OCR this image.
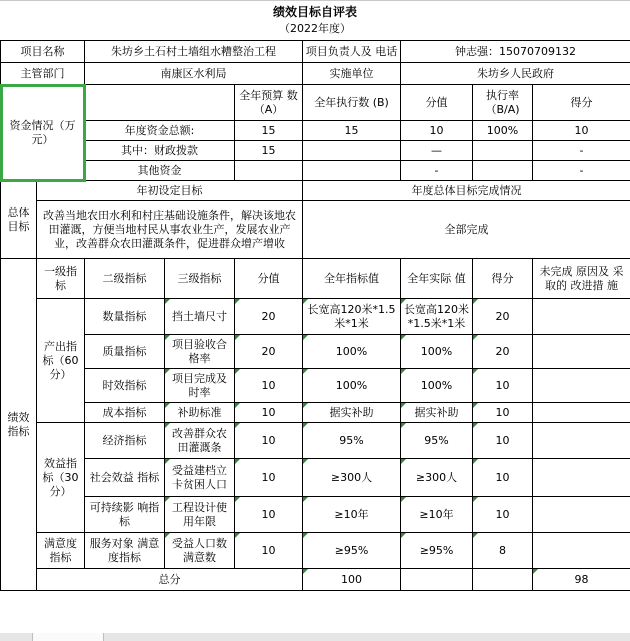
绩效目标自评表
（2022年度）
项目名称		朱坊乡土石村土墙组水糟整治工程			项目负责人及 电话	钟志强：15070709132			
主管部门		南康区水利局			实施单位	朱坊乡人民政府			
资金情况（万元）				全年预算 数（A）	全年执行数 (B)	分值	执行率（B/A)	得分	
		年度资金总额:		15	15	10	100%	10	
		其中：财政拨款		15		—		-	
		其他资金				-		-	
总体目标	年初设定目标				年度总体目标完成情况				
	改善当地农田水利和村庄基础设施条件，解决该地农田灌溉，方便当地村民从事农业生产，发展农业产业，改善群众农田灌溉条件，促进群众增产增收				全部完成				
绩效指标	一级指标	二级指标	三级指标	分值	全年指标值	全年实际 值	得分	未完成 原因及 采取的 改进措 施	
	产出指标（60分）	数量指标	挡土墙尺寸	20	长宽高120米*1.5米*1米	长宽高120米*1.5米*1米	20		
		质量指标	项目验收合格率	20	100%	100%	20		
		时效指标	项目完成及时率	10	100%	100%	10		
		成本指标	补助标准	10	据实补助	据实补助	10		
	效益指标（30分）	经济指标	改善群众农田灌溉条	10	95%	95%	10		
		社会效益 指标	受益建档立卡贫困人口	10	≥300人	≥300人	10		
		可持续影 响指标	工程设计使用年限	10	≥10年	≥10年	10		
	满意度 指标	服务对象 满意度指标	受益人口数满意数	10	≥95%	≥95%	8		
	总分				100			98	
